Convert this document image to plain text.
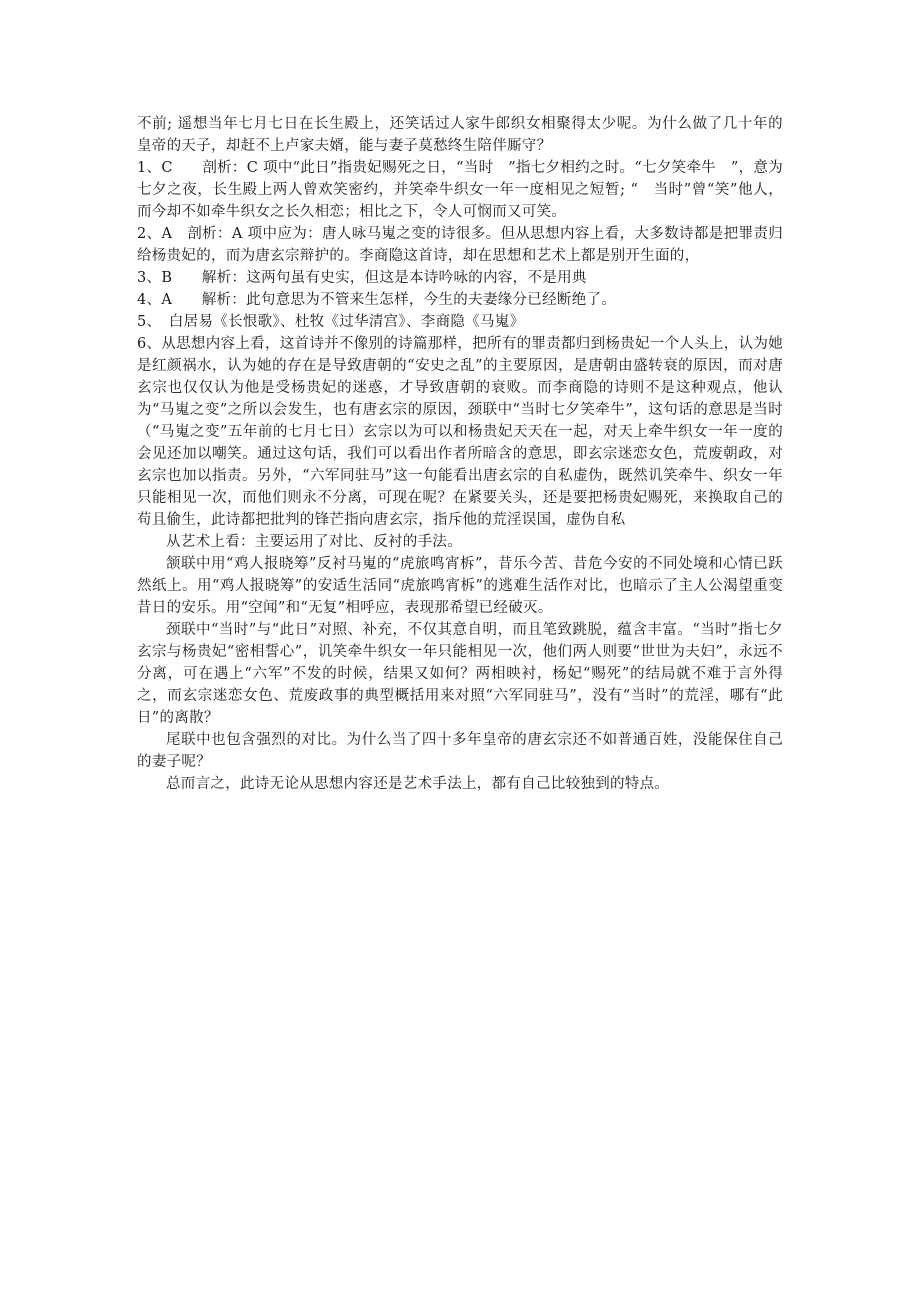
不前; 遥想当年七月七日在长生殿上，还笑话过人家牛郎织女相聚得太少呢。为什么做了几十年的皇帝的天子，却赶不上卢家夫婿，能与妻子莫愁终生陪伴厮守？

1、C　　剖析：C 项中“此日”指贵妃赐死之日，“当时　”指七夕相约之时。“七夕笑牵牛　”，意为七夕之夜，长生殿上两人曾欢笑密约，并笑牵牛织女一年一度相见之短暂; “　当时”曾“笑”他人，而今却不如牵牛织女之长久相恋；相比之下，令人可悯而又可笑。

2、A　剖析：A 项中应为：唐人咏马嵬之变的诗很多。但从思想内容上看，大多数诗都是把罪责归给杨贵妃的，而为唐玄宗辩护的。李商隐这首诗，却在思想和艺术上都是别开生面的，

3、B　　解析：这两句虽有史实，但这是本诗吟咏的内容，不是用典

4、A　　解析：此句意思为不管来生怎样，今生的夫妻缘分已经断绝了。

5、　白居易《长恨歌》、杜牧《过华清宫》、李商隐《马嵬》

6、从思想内容上看，这首诗并不像别的诗篇那样，把所有的罪责都归到杨贵妃一个人头上，认为她是红颜祸水，认为她的存在是导致唐朝的“安史之乱”的主要原因，是唐朝由盛转衰的原因，而对唐玄宗也仅仅认为他是受杨贵妃的迷惑，才导致唐朝的衰败。而李商隐的诗则不是这种观点，他认为“马嵬之变”之所以会发生，也有唐玄宗的原因，颈联中“当时七夕笑牵牛”，这句话的意思是当时（“马嵬之变”五年前的七月七日）玄宗以为可以和杨贵妃天天在一起，对天上牵牛织女一年一度的会见还加以嘲笑。通过这句话，我们可以看出作者所暗含的意思，即玄宗迷恋女色，荒废朝政，对玄宗也加以指责。另外，“六军同驻马”这一句能看出唐玄宗的自私虚伪，既然讥笑牵牛、织女一年只能相见一次，而他们则永不分离，可现在呢？在紧要关头，还是要把杨贵妃赐死，来换取自己的苟且偷生，此诗都把批判的锋芒指向唐玄宗，指斥他的荒淫误国，虚伪自私

从艺术上看：主要运用了对比、反衬的手法。

颔联中用“鸡人报晓筹”反衬马嵬的“虎旅鸣宵柝”，昔乐今苦、昔危今安的不同处境和心情已跃然纸上。用“鸡人报晓筹”的安适生活同“虎旅鸣宵柝”的逃难生活作对比，也暗示了主人公渴望重变昔日的安乐。用“空闻”和“无复”相呼应，表现那希望已经破灭。

颈联中“当时”与“此日”对照、补充，不仅其意自明，而且笔致跳脱，蕴含丰富。“当时”指七夕玄宗与杨贵妃“密相誓心”，讥笑牵牛织女一年只能相见一次，他们两人则要“世世为夫妇”，永远不分离，可在遇上“六军”不发的时候，结果又如何？两相映衬，杨妃“赐死”的结局就不难于言外得之，而玄宗迷恋女色、荒废政事的典型概括用来对照“六军同驻马”，没有“当时”的荒淫，哪有“此日”的离散？

尾联中也包含强烈的对比。为什么当了四十多年皇帝的唐玄宗还不如普通百姓，没能保住自己的妻子呢？

总而言之，此诗无论从思想内容还是艺术手法上，都有自己比较独到的特点。
